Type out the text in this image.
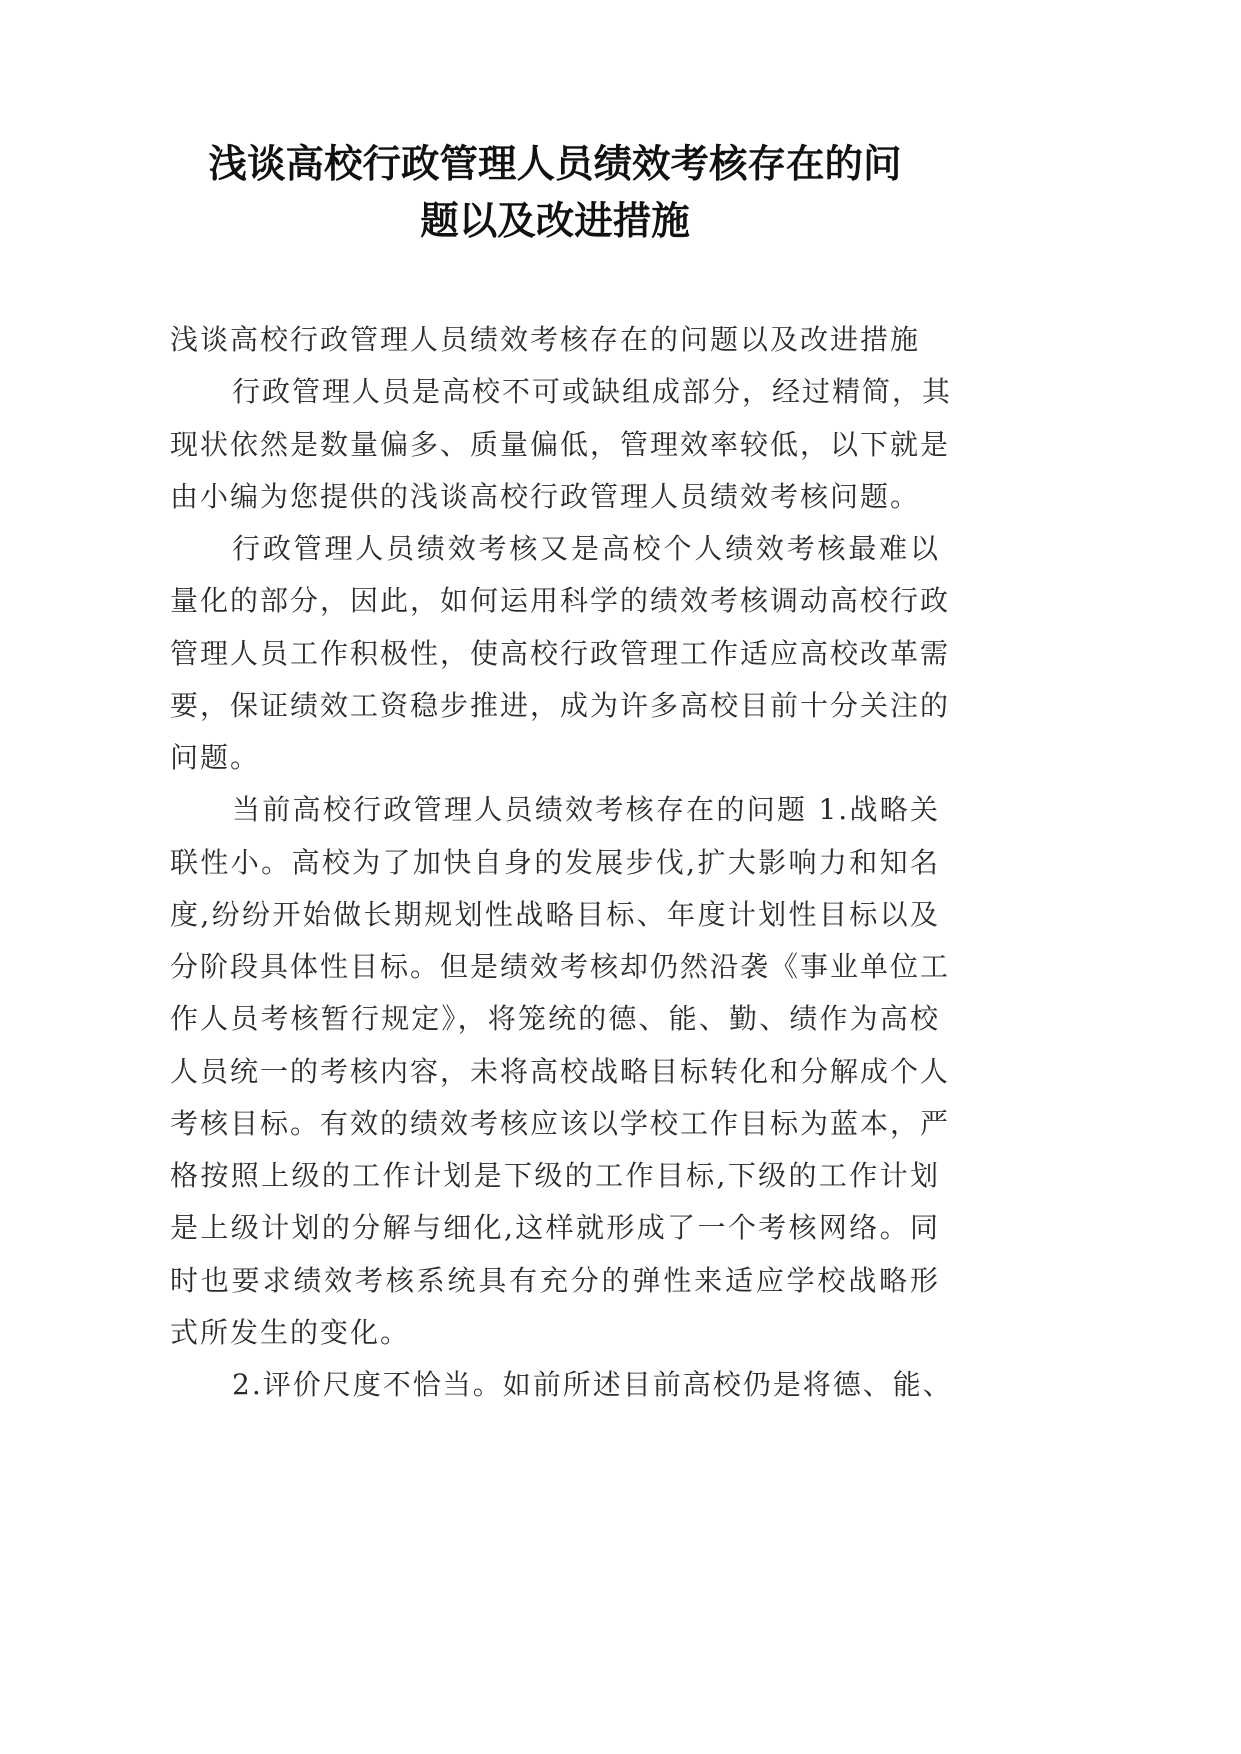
浅谈高校行政管理人员绩效考核存在的问
题以及改进措施
浅谈高校行政管理人员绩效考核存在的问题以及改进措施
行政管理人员是高校不可或缺组成部分，经过精简，其
现状依然是数量偏多、质量偏低，管理效率较低，以下就是
由小编为您提供的浅谈高校行政管理人员绩效考核问题。
行政管理人员绩效考核又是高校个人绩效考核最难以
量化的部分，因此，如何运用科学的绩效考核调动高校行政
管理人员工作积极性，使高校行政管理工作适应高校改革需
要，保证绩效工资稳步推进，成为许多高校目前十分关注的
问题。
当前高校行政管理人员绩效考核存在的问题 1.战略关
联性小。高校为了加快自身的发展步伐,扩大影响力和知名
度,纷纷开始做长期规划性战略目标、年度计划性目标以及
分阶段具体性目标。但是绩效考核却仍然沿袭《事业单位工
作人员考核暂行规定》，将笼统的德、能、勤、绩作为高校
人员统一的考核内容，未将高校战略目标转化和分解成个人
考核目标。有效的绩效考核应该以学校工作目标为蓝本，严
格按照上级的工作计划是下级的工作目标,下级的工作计划
是上级计划的分解与细化,这样就形成了一个考核网络。同
时也要求绩效考核系统具有充分的弹性来适应学校战略形
式所发生的变化。
2.评价尺度不恰当。如前所述目前高校仍是将德、能、
